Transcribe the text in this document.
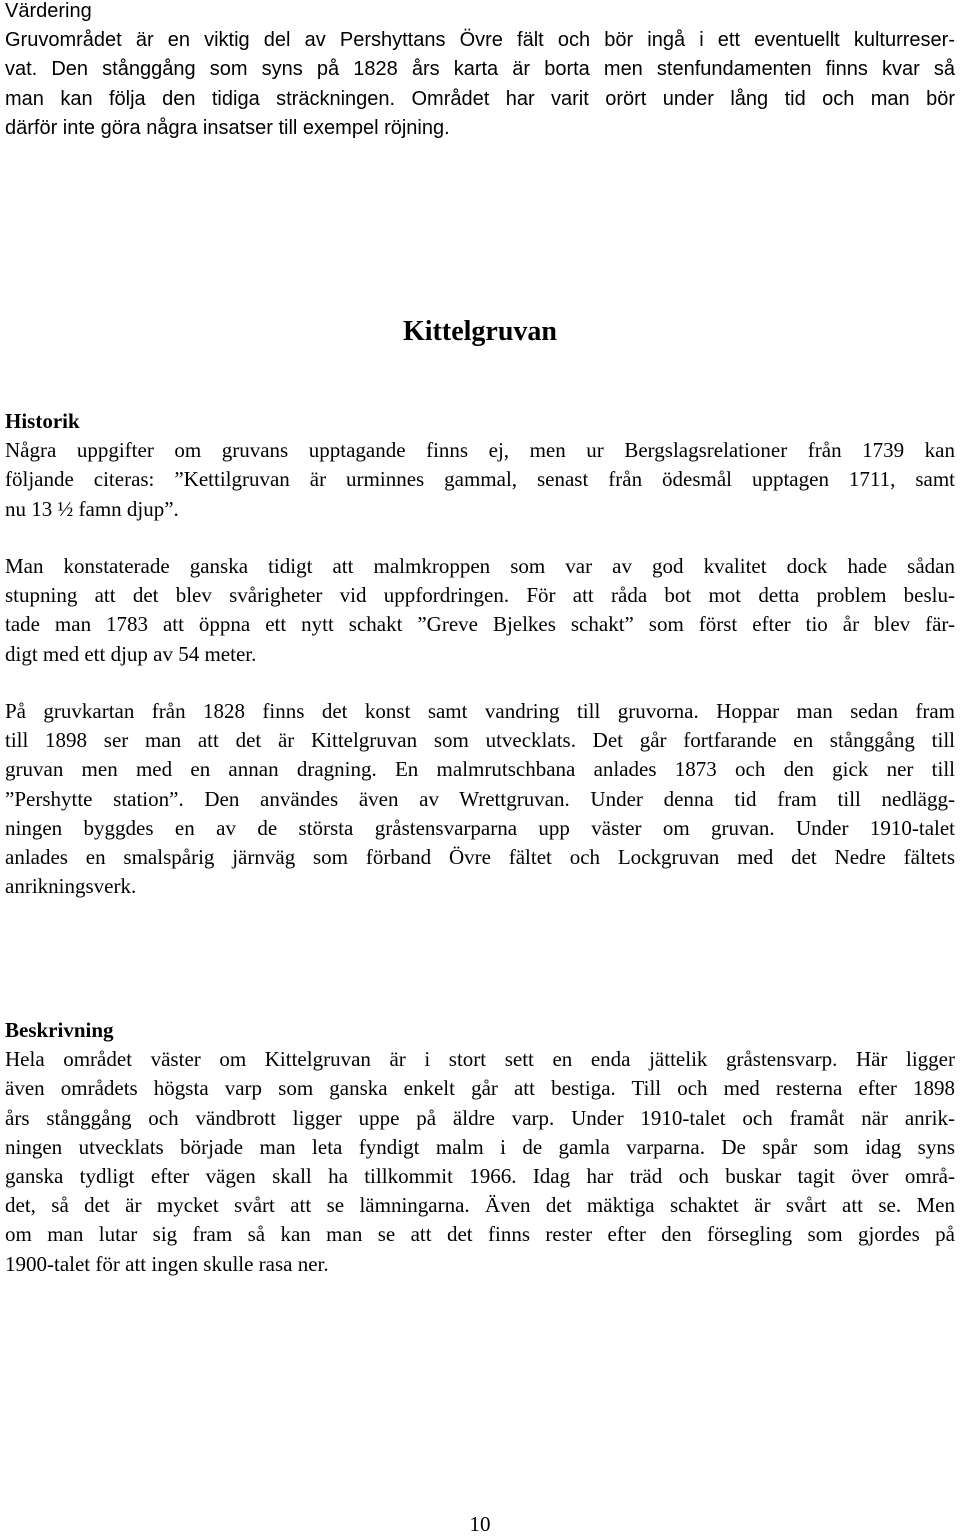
Värdering
Gruvområdet är en viktig del av Pershyttans Övre fält och bör ingå i ett eventuellt kulturreser-
vat. Den stånggång som syns på 1828 års karta är borta men stenfundamenten finns kvar så
man kan följa den tidiga sträckningen. Området har varit orört under lång tid och man bör
därför inte göra några insatser till exempel röjning.
Kittelgruvan
Historik
Några uppgifter om gruvans upptagande finns ej, men ur Bergslagsrelationer från 1739 kan
följande citeras: ”Kettilgruvan är urminnes gammal, senast från ödesmål upptagen 1711, samt
nu 13 ½ famn djup”.
Man konstaterade ganska tidigt att malmkroppen som var av god kvalitet dock hade sådan
stupning att det blev svårigheter vid uppfordringen. För att råda bot mot detta problem beslu-
tade man 1783 att öppna ett nytt schakt ”Greve Bjelkes schakt” som först efter tio år blev fär-
digt med ett djup av 54 meter.
På gruvkartan från 1828 finns det konst samt vandring till gruvorna. Hoppar man sedan fram
till 1898 ser man att det är Kittelgruvan som utvecklats. Det går fortfarande en stånggång till
gruvan men med en annan dragning. En malmrutschbana anlades 1873 och den gick ner till
”Pershytte station”. Den användes även av Wrettgruvan. Under denna tid fram till nedlägg-
ningen byggdes en av de största gråstensvarparna upp väster om gruvan. Under 1910-talet
anlades en smalspårig järnväg som förband Övre fältet och Lockgruvan med det Nedre fältets
anrikningsverk.
Beskrivning
Hela området väster om Kittelgruvan är i stort sett en enda jättelik gråstensvarp. Här ligger
även områdets högsta varp som ganska enkelt går att bestiga. Till och med resterna efter 1898
års stånggång och vändbrott ligger uppe på äldre varp. Under 1910-talet och framåt när anrik-
ningen utvecklats började man leta fyndigt malm i de gamla varparna. De spår som idag syns
ganska tydligt efter vägen skall ha tillkommit 1966. Idag har träd och buskar tagit över områ-
det, så det är mycket svårt att se lämningarna. Även det mäktiga schaktet är svårt att se. Men
om man lutar sig fram så kan man se att det finns rester efter den försegling som gjordes på
1900-talet för att ingen skulle rasa ner.
10
